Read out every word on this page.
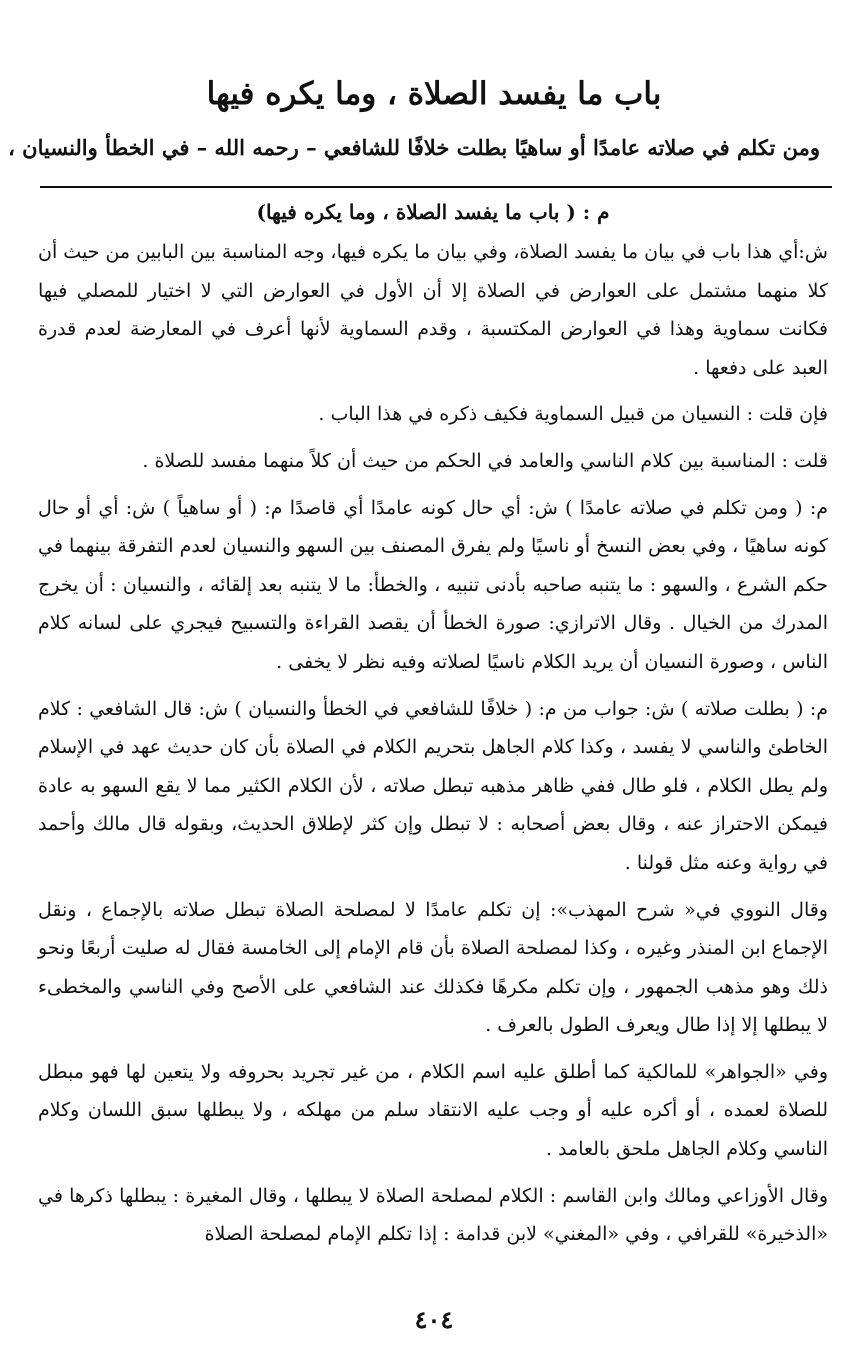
باب ما يفسد الصلاة ، وما يكره فيها
ومن تكلم في صلاته عامدًا أو ساهيًا بطلت خلافًا للشافعي – رحمه الله – في الخطأ والنسيان ،
م : ( باب ما يفسد الصلاة ، وما يكره فيها)

ش:أي هذا باب في بيان ما يفسد الصلاة، وفي بيان ما يكره فيها، وجه المناسبة بين البابين من حيث أن كلا منهما مشتمل على العوارض في الصلاة إلا أن الأول في العوارض التي لا اختيار للمصلي فيها فكانت سماوية وهذا في العوارض المكتسبة ، وقدم السماوية لأنها أعرف في المعارضة لعدم قدرة العبد على دفعها .

فإن قلت : النسيان من قبيل السماوية فكيف ذكره في هذا الباب .

قلت : المناسبة بين كلام الناسي والعامد في الحكم من حيث أن كلاً منهما مفسد للصلاة .

م: ( ومن تكلم في صلاته عامدًا ) ش: أي حال كونه عامدًا أي قاصدًا م: ( أو ساهياً ) ش: أي أو حال كونه ساهيًا ، وفي بعض النسخ أو ناسيًا ولم يفرق المصنف بين السهو والنسيان لعدم التفرقة بينهما في حكم الشرع ، والسهو : ما يتنبه صاحبه بأدنى تنبيه ، والخطأ: ما لا يتنبه بعد إلقائه ، والنسيان : أن يخرج المدرك من الخيال . وقال الاترازي: صورة الخطأ أن يقصد القراءة والتسبيح فيجري على لسانه كلام الناس ، وصورة النسيان أن يريد الكلام ناسيًا لصلاته وفيه نظر لا يخفى .

م: ( بطلت صلاته ) ش: جواب من م: ( خلافًا للشافعي في الخطأ والنسيان ) ش: قال الشافعي : كلام الخاطئ والناسي لا يفسد ، وكذا كلام الجاهل بتحريم الكلام في الصلاة بأن كان حديث عهد في الإسلام ولم يطل الكلام ، فلو طال ففي ظاهر مذهبه تبطل صلاته ، لأن الكلام الكثير مما لا يقع السهو به عادة فيمكن الاحتراز عنه ، وقال بعض أصحابه : لا تبطل وإن كثر لإطلاق الحديث، وبقوله قال مالك وأحمد في رواية وعنه مثل قولنا .

وقال النووي في« شرح المهذب»: إن تكلم عامدًا لا لمصلحة الصلاة تبطل صلاته بالإجماع ، ونقل الإجماع ابن المنذر وغيره ، وكذا لمصلحة الصلاة بأن قام الإمام إلى الخامسة فقال له صليت أربعًا ونحو ذلك وهو مذهب الجمهور ، وإن تكلم مكرهًا فكذلك عند الشافعي على الأصح وفي الناسي والمخطىء لا يبطلها إلا إذا طال ويعرف الطول بالعرف .

وفي «الجواهر» للمالكية كما أطلق عليه اسم الكلام ، من غير تجريد بحروفه ولا يتعين لها فهو مبطل للصلاة لعمده ، أو أكره عليه أو وجب عليه الانتقاد سلم من مهلكه ، ولا يبطلها سبق اللسان وكلام الناسي وكلام الجاهل ملحق بالعامد .

وقال الأوزاعي ومالك وابن القاسم : الكلام لمصلحة الصلاة لا يبطلها ، وقال المغيرة : يبطلها ذكرها في «الذخيرة» للقرافي ، وفي «المغني» لابن قدامة : إذا تكلم الإمام لمصلحة الصلاة

٤٠٤
